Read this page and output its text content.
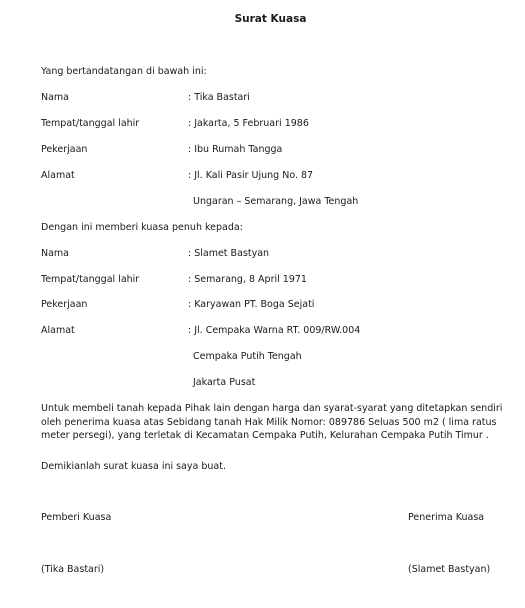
Surat Kuasa
Yang bertandatangan di bawah ini:
Nama	: Tika Bastari
Tempat/tanggal lahir	: Jakarta, 5 Februari 1986
Pekerjaan	: Ibu Rumah Tangga
Alamat	: Jl. Kali Pasir Ujung No. 87
Ungaran – Semarang, Jawa Tengah
Dengan ini memberi kuasa penuh kepada:
Nama	: Slamet Bastyan
Tempat/tanggal lahir	: Semarang, 8 April 1971
Pekerjaan	: Karyawan PT. Boga Sejati
Alamat	: Jl. Cempaka Warna RT. 009/RW.004
Cempaka Putih Tengah
Jakarta Pusat
Untuk membeli tanah kepada Pihak lain dengan harga dan syarat-syarat yang ditetapkan sendiri oleh penerima kuasa atas Sebidang tanah Hak Milik Nomor: 089786 Seluas 500 m2 ( lima ratus meter persegi), yang terletak di Kecamatan Cempaka Putih, Kelurahan Cempaka Putih Timur .
Demikianlah surat kuasa ini saya buat.
Pemberi Kuasa	Penerima Kuasa
(Tika Bastari)	(Slamet Bastyan)
